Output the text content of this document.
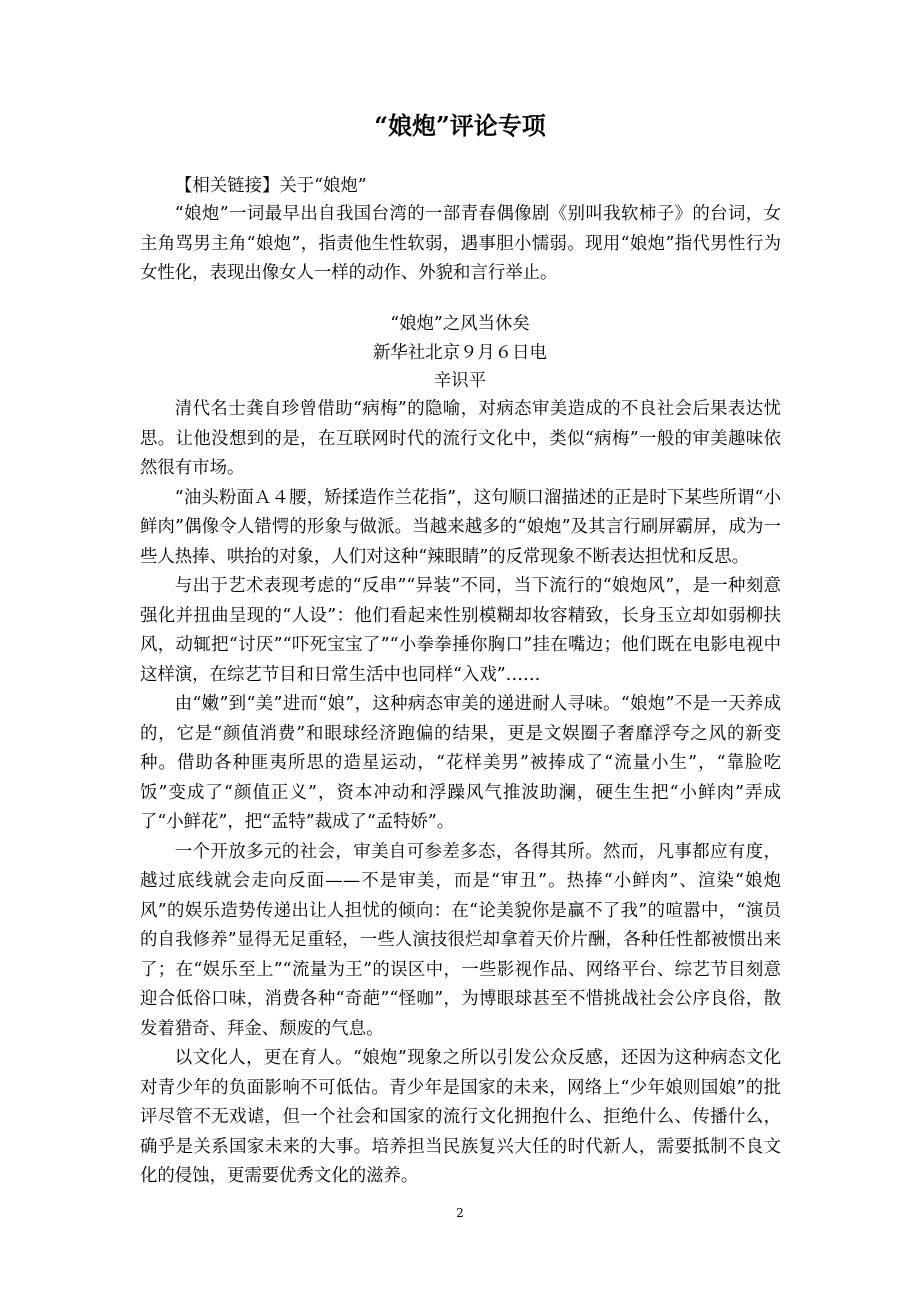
“娘炮”评论专项
【相关链接】关于“娘炮”

“娘炮”一词最早出自我国台湾的一部青春偶像剧《别叫我软柿子》的台词，女主角骂男主角“娘炮”，指责他生性软弱，遇事胆小懦弱。现用“娘炮”指代男性行为女性化，表现出像女人一样的动作、外貌和言行举止。

“娘炮”之风当休矣
新华社北京９月６日电
辛识平

清代名士龚自珍曾借助“病梅”的隐喻，对病态审美造成的不良社会后果表达忧思。让他没想到的是，在互联网时代的流行文化中，类似“病梅”一般的审美趣味依然很有市场。

“油头粉面Ａ４腰，矫揉造作兰花指”，这句顺口溜描述的正是时下某些所谓“小鲜肉”偶像令人错愕的形象与做派。当越来越多的“娘炮”及其言行刷屏霸屏，成为一些人热捧、哄抬的对象，人们对这种“辣眼睛”的反常现象不断表达担忧和反思。

与出于艺术表现考虑的“反串”“异装”不同，当下流行的“娘炮风”，是一种刻意强化并扭曲呈现的“人设”：他们看起来性别模糊却妆容精致，长身玉立却如弱柳扶风，动辄把“讨厌”“吓死宝宝了”“小拳拳捶你胸口”挂在嘴边；他们既在电影电视中这样演，在综艺节目和日常生活中也同样“入戏”……

由“嫩”到“美”进而“娘”，这种病态审美的递进耐人寻味。“娘炮”不是一天养成的，它是“颜值消费”和眼球经济跑偏的结果，更是文娱圈子奢靡浮夸之风的新变种。借助各种匪夷所思的造星运动，“花样美男”被捧成了“流量小生”，“靠脸吃饭”变成了“颜值正义”，资本冲动和浮躁风气推波助澜，硬生生把“小鲜肉”弄成了“小鲜花”，把“孟特”裁成了“孟特娇”。

一个开放多元的社会，审美自可参差多态，各得其所。然而，凡事都应有度，越过底线就会走向反面——不是审美，而是“审丑”。热捧“小鲜肉”、渲染“娘炮风”的娱乐造势传递出让人担忧的倾向：在“论美貌你是赢不了我”的喧嚣中，“演员的自我修养”显得无足重轻，一些人演技很烂却拿着天价片酬，各种任性都被惯出来了；在“娱乐至上”“流量为王”的误区中，一些影视作品、网络平台、综艺节目刻意迎合低俗口味，消费各种“奇葩”“怪咖”，为博眼球甚至不惜挑战社会公序良俗，散发着猎奇、拜金、颓废的气息。

以文化人，更在育人。“娘炮”现象之所以引发公众反感，还因为这种病态文化对青少年的负面影响不可低估。青少年是国家的未来，网络上“少年娘则国娘”的批评尽管不无戏谑，但一个社会和国家的流行文化拥抱什么、拒绝什么、传播什么，确乎是关系国家未来的大事。培养担当民族复兴大任的时代新人，需要抵制不良文化的侵蚀，更需要优秀文化的滋养。

2
